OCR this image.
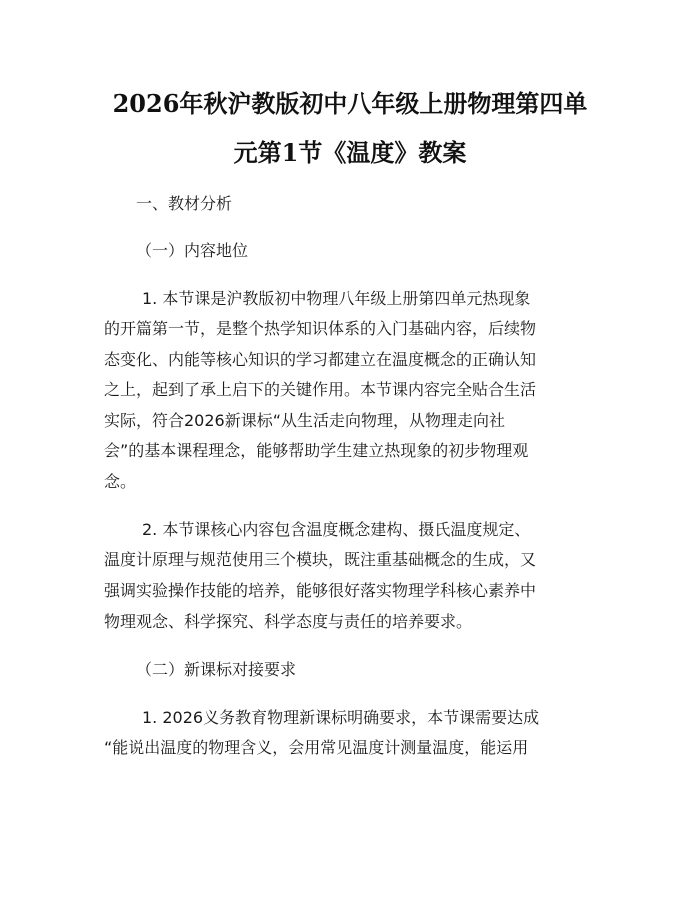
2026年秋沪教版初中八年级上册物理第四单
元第1节《温度》教案
一、教材分析
（一）内容地位
1. 本节课是沪教版初中物理八年级上册第四单元热现象
的开篇第一节，是整个热学知识体系的入门基础内容，后续物
态变化、内能等核心知识的学习都建立在温度概念的正确认知
之上，起到了承上启下的关键作用。本节课内容完全贴合生活
实际，符合2026新课标“从生活走向物理，从物理走向社
会”的基本课程理念，能够帮助学生建立热现象的初步物理观
念。
2. 本节课核心内容包含温度概念建构、摄氏温度规定、
温度计原理与规范使用三个模块，既注重基础概念的生成，又
强调实验操作技能的培养，能够很好落实物理学科核心素养中
物理观念、科学探究、科学态度与责任的培养要求。
（二）新课标对接要求
1. 2026义务教育物理新课标明确要求，本节课需要达成
“能说出温度的物理含义，会用常见温度计测量温度，能运用
